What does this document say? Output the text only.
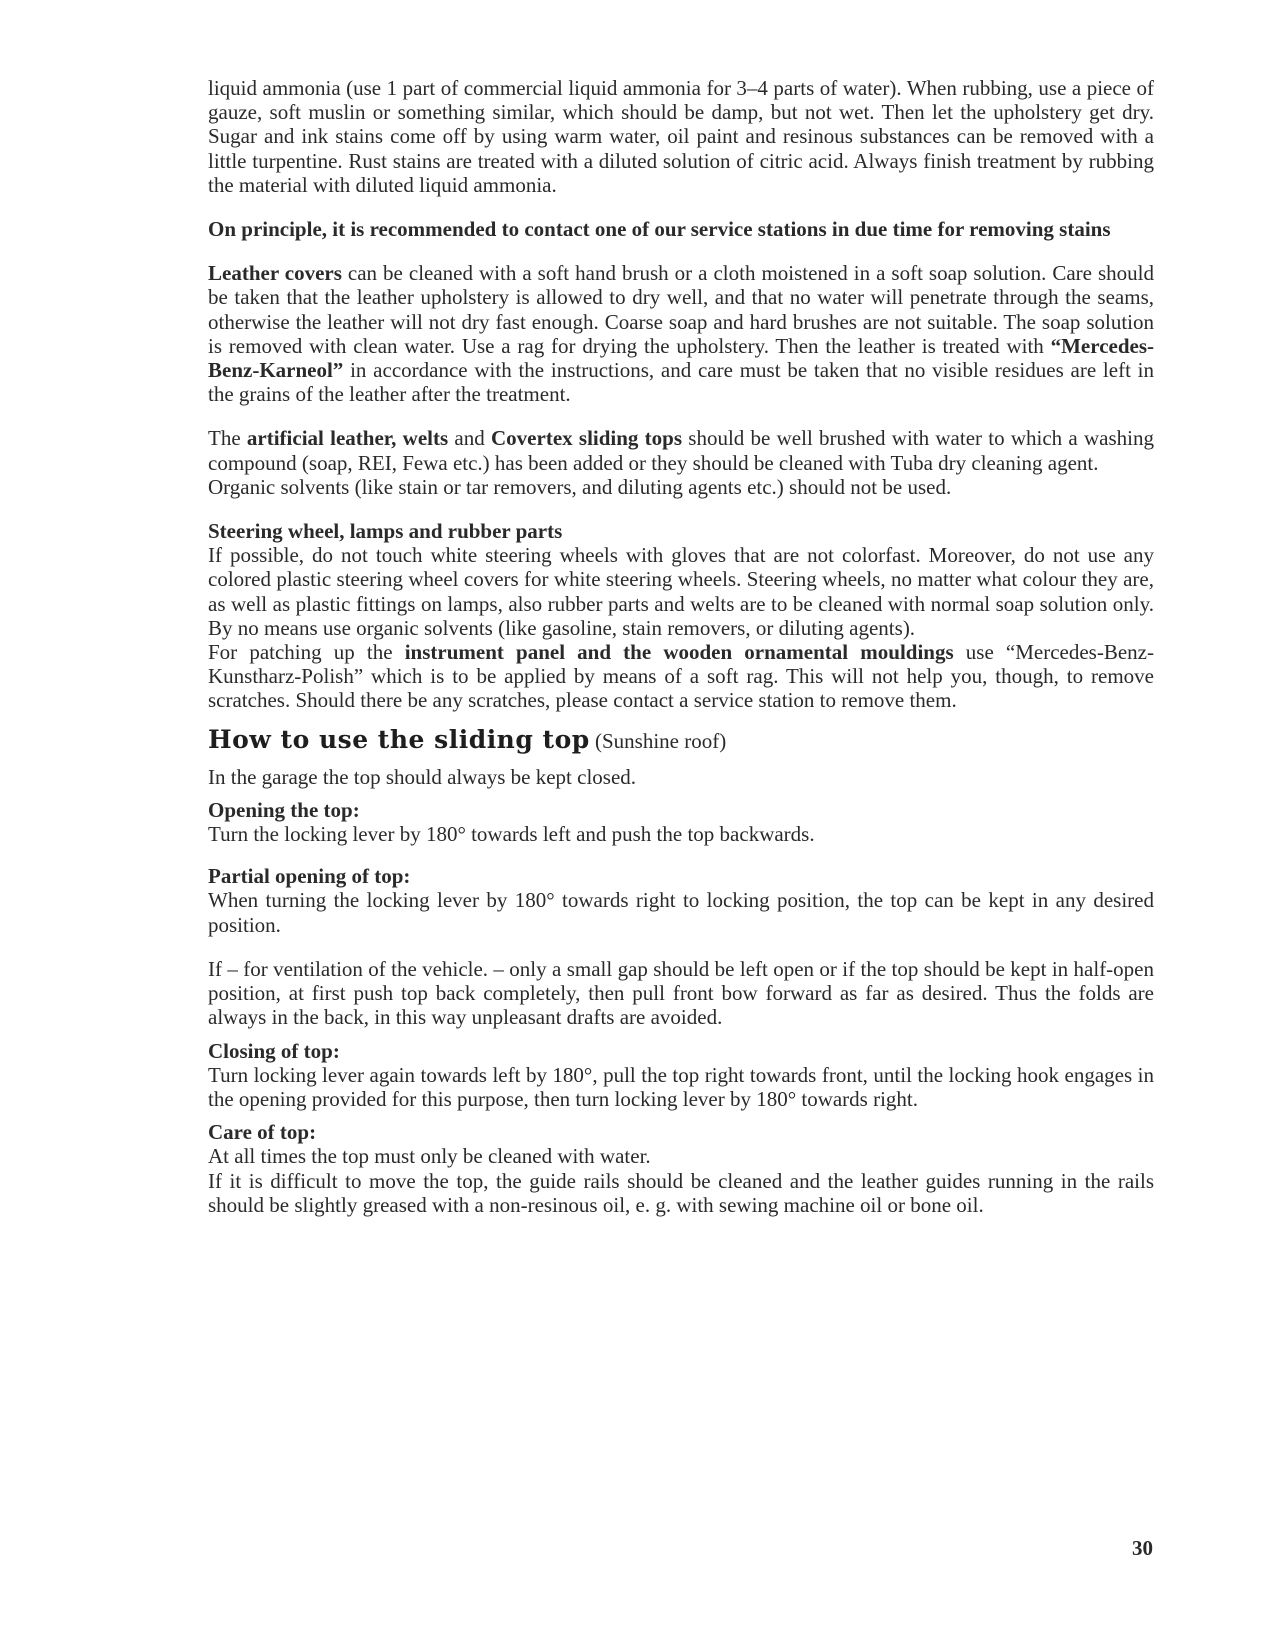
liquid ammonia (use 1 part of commercial liquid ammonia for 3–4 parts of water). When rubbing, use a piece of gauze, soft muslin or something similar, which should be damp, but not wet. Then let the upholstery get dry. Sugar and ink stains come off by using warm water, oil paint and resinous substances can be removed with a little turpentine. Rust stains are treated with a diluted solution of citric acid. Always finish treatment by rubbing the material with diluted liquid ammonia.

On principle, it is recommended to contact one of our service stations in due time for removing stains

Leather covers can be cleaned with a soft hand brush or a cloth moistened in a soft soap solution. Care should be taken that the leather upholstery is allowed to dry well, and that no water will penetrate through the seams, otherwise the leather will not dry fast enough. Coarse soap and hard brushes are not suitable. The soap solution is removed with clean water. Use a rag for drying the upholstery. Then the leather is treated with “Mercedes-Benz-Karneol” in accordance with the instructions, and care must be taken that no visible residues are left in the grains of the leather after the treatment.

The artificial leather, welts and Covertex sliding tops should be well brushed with water to which a washing compound (soap, REI, Fewa etc.) has been added or they should be cleaned with Tuba dry cleaning agent.

Organic solvents (like stain or tar removers, and diluting agents etc.) should not be used.

Steering wheel, lamps and rubber parts

If possible, do not touch white steering wheels with gloves that are not colorfast. Moreover, do not use any colored plastic steering wheel covers for white steering wheels. Steering wheels, no matter what colour they are, as well as plastic fittings on lamps, also rubber parts and welts are to be cleaned with normal soap solution only. By no means use organic solvents (like gasoline, stain removers, or diluting agents).

For patching up the instrument panel and the wooden ornamental mouldings use “Mercedes-Benz-Kunstharz-Polish” which is to be applied by means of a soft rag. This will not help you, though, to remove scratches. Should there be any scratches, please contact a service station to remove them.

How to use the sliding top (Sunshine roof)

In the garage the top should always be kept closed.

Opening the top:

Turn the locking lever by 180° towards left and push the top backwards.

Partial opening of top:

When turning the locking lever by 180° towards right to locking position, the top can be kept in any desired position.

If – for ventilation of the vehicle. – only a small gap should be left open or if the top should be kept in half-open position, at first push top back completely, then pull front bow forward as far as desired. Thus the folds are always in the back, in this way unpleasant drafts are avoided.

Closing of top:

Turn locking lever again towards left by 180°, pull the top right towards front, until the locking hook engages in the opening provided for this purpose, then turn locking lever by 180° towards right.

Care of top:

At all times the top must only be cleaned with water.

If it is difficult to move the top, the guide rails should be cleaned and the leather guides running in the rails should be slightly greased with a non-resinous oil, e. g. with sewing machine oil or bone oil.

30
